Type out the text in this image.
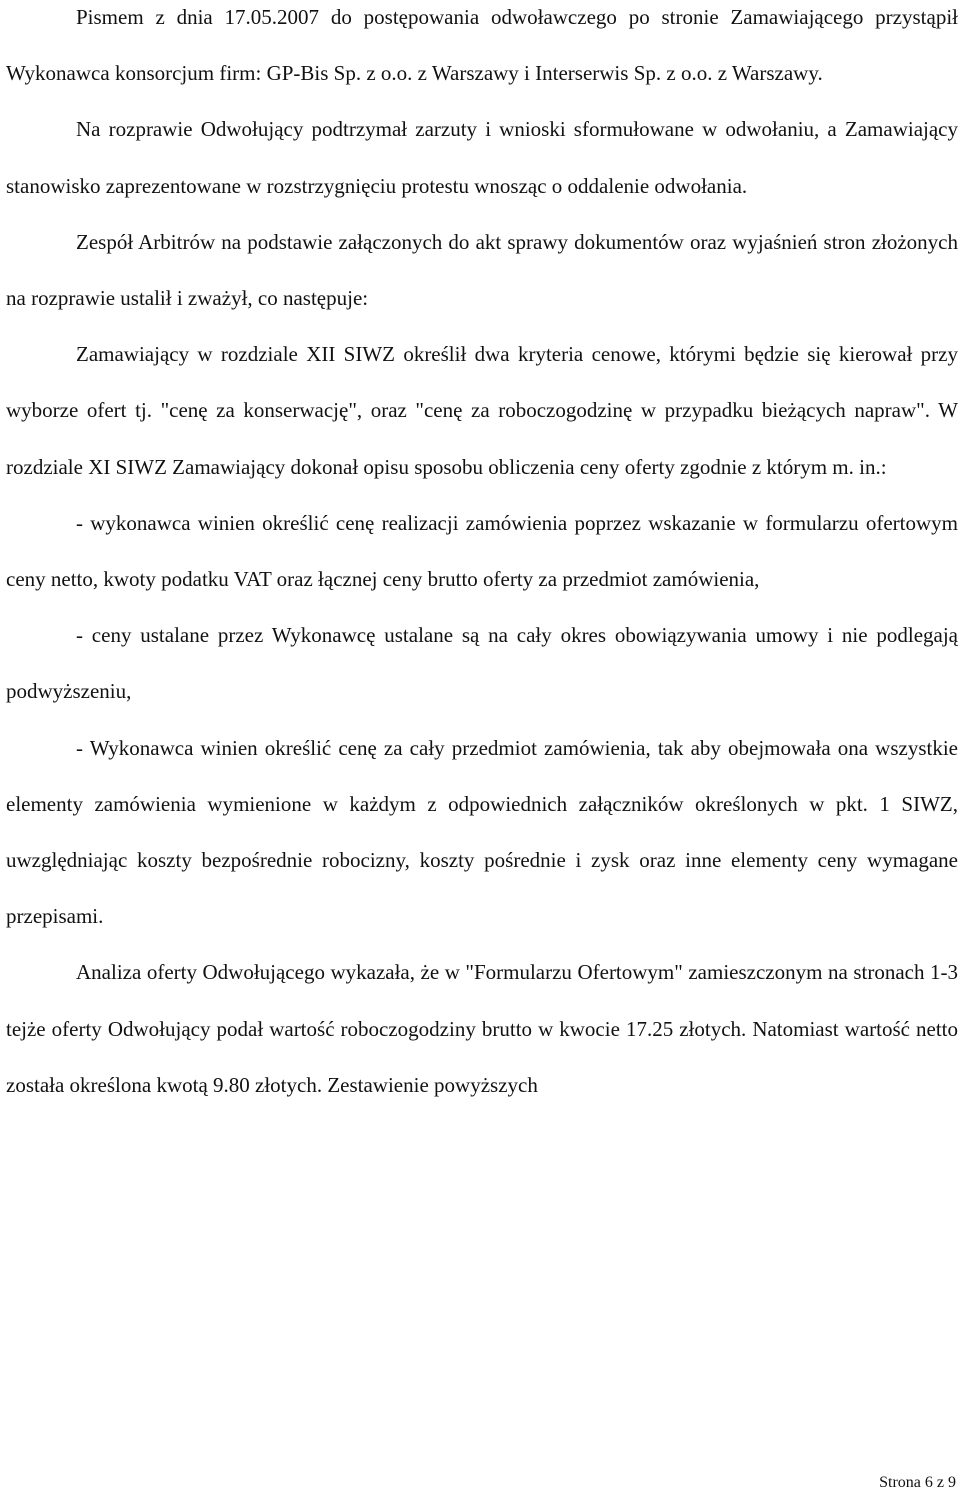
Pismem z dnia 17.05.2007 do postępowania odwoławczego po stronie Zamawiającego przystąpił Wykonawca konsorcjum firm: GP-Bis Sp. z o.o. z Warszawy i Interserwis Sp. z o.o. z Warszawy.

Na rozprawie Odwołujący podtrzymał zarzuty i wnioski sformułowane w odwołaniu, a Zamawiający stanowisko zaprezentowane w rozstrzygnięciu protestu wnosząc o oddalenie odwołania.

Zespół Arbitrów na podstawie załączonych do akt sprawy dokumentów oraz wyjaśnień stron złożonych na rozprawie ustalił i zważył, co następuje:

Zamawiający w rozdziale XII SIWZ określił dwa kryteria cenowe, którymi będzie się kierował przy wyborze ofert tj. "cenę za konserwację", oraz "cenę za roboczogodzinę w przypadku bieżących napraw". W rozdziale XI SIWZ Zamawiający dokonał opisu sposobu obliczenia ceny oferty zgodnie z którym m. in.:

- wykonawca winien określić cenę realizacji zamówienia poprzez wskazanie w formularzu ofertowym ceny netto, kwoty podatku VAT oraz łącznej ceny brutto oferty za przedmiot zamówienia,

- ceny ustalane przez Wykonawcę ustalane są na cały okres obowiązywania umowy i nie podlegają podwyższeniu,

- Wykonawca winien określić cenę za cały przedmiot zamówienia, tak aby obejmowała ona wszystkie elementy zamówienia wymienione w każdym z odpowiednich załączników określonych w pkt. 1 SIWZ, uwzględniając koszty bezpośrednie robocizny, koszty pośrednie i zysk oraz inne elementy ceny wymagane przepisami.

Analiza oferty Odwołującego wykazała, że w "Formularzu Ofertowym" zamieszczonym na stronach 1-3 tejże oferty Odwołujący podał wartość roboczogodziny brutto w kwocie 17.25 złotych. Natomiast wartość netto została określona kwotą 9.80 złotych. Zestawienie powyższych

Strona 6 z 9
